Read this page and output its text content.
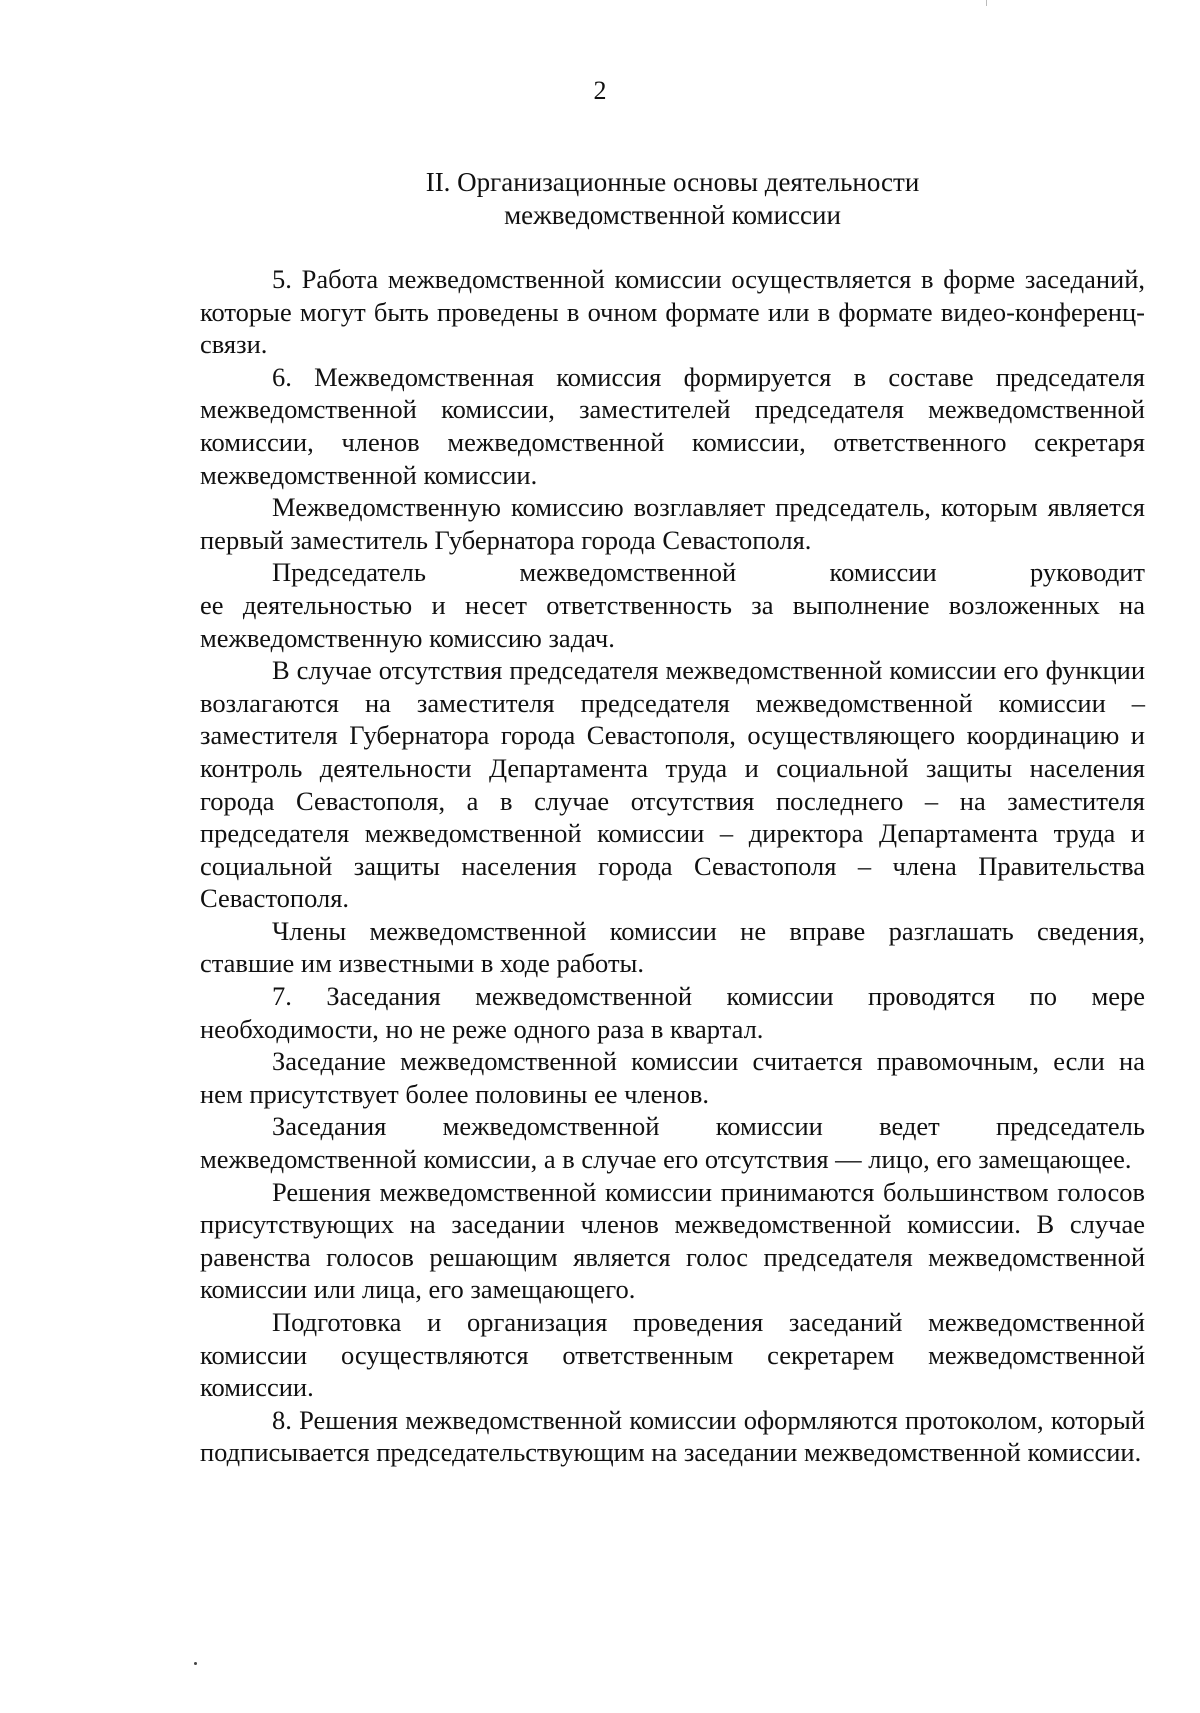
2
II. Организационные основы деятельности
межведомственной комиссии

5. Работа межведомственной комиссии осуществляется в форме заседаний, которые могут быть проведены в очном формате или в формате видео-конференц-связи.

6. Межведомственная комиссия формируется в составе председателя межведомственной комиссии, заместителей председателя межведомственной комиссии, членов межведомственной комиссии, ответственного секретаря межведомственной комиссии.

Межведомственную комиссию возглавляет председатель, которым является первый заместитель Губернатора города Севастополя.

Председатель межведомственной комиссии руководит

ее деятельностью и несет ответственность за выполнение возложенных на межведомственную комиссию задач.

В случае отсутствия председателя межведомственной комиссии его функции возлагаются на заместителя председателя межведомственной комиссии – заместителя Губернатора города Севастополя, осуществляющего координацию и контроль деятельности Департамента труда и социальной защиты населения города Севастополя, а в случае отсутствия последнего – на заместителя председателя межведомственной комиссии – директора Департамента труда и социальной защиты населения города Севастополя – члена Правительства Севастополя.

Члены межведомственной комиссии не вправе разглашать сведения, ставшие им известными в ходе работы.

7. Заседания межведомственной комиссии проводятся по мере необходимости, но не реже одного раза в квартал.

Заседание межведомственной комиссии считается правомочным, если на нем присутствует более половины ее членов.

Заседания межведомственной комиссии ведет председатель межведомственной комиссии, а в случае его отсутствия — лицо, его замещающее.

Решения межведомственной комиссии принимаются большинством голосов присутствующих на заседании членов межведомственной комиссии. В случае равенства голосов решающим является голос председателя межведомственной комиссии или лица, его замещающего.

Подготовка и организация проведения заседаний межведомственной комиссии осуществляются ответственным секретарем межведомственной комиссии.

8. Решения межведомственной комиссии оформляются протоколом, который подписывается председательствующим на заседании межведомственной комиссии.
